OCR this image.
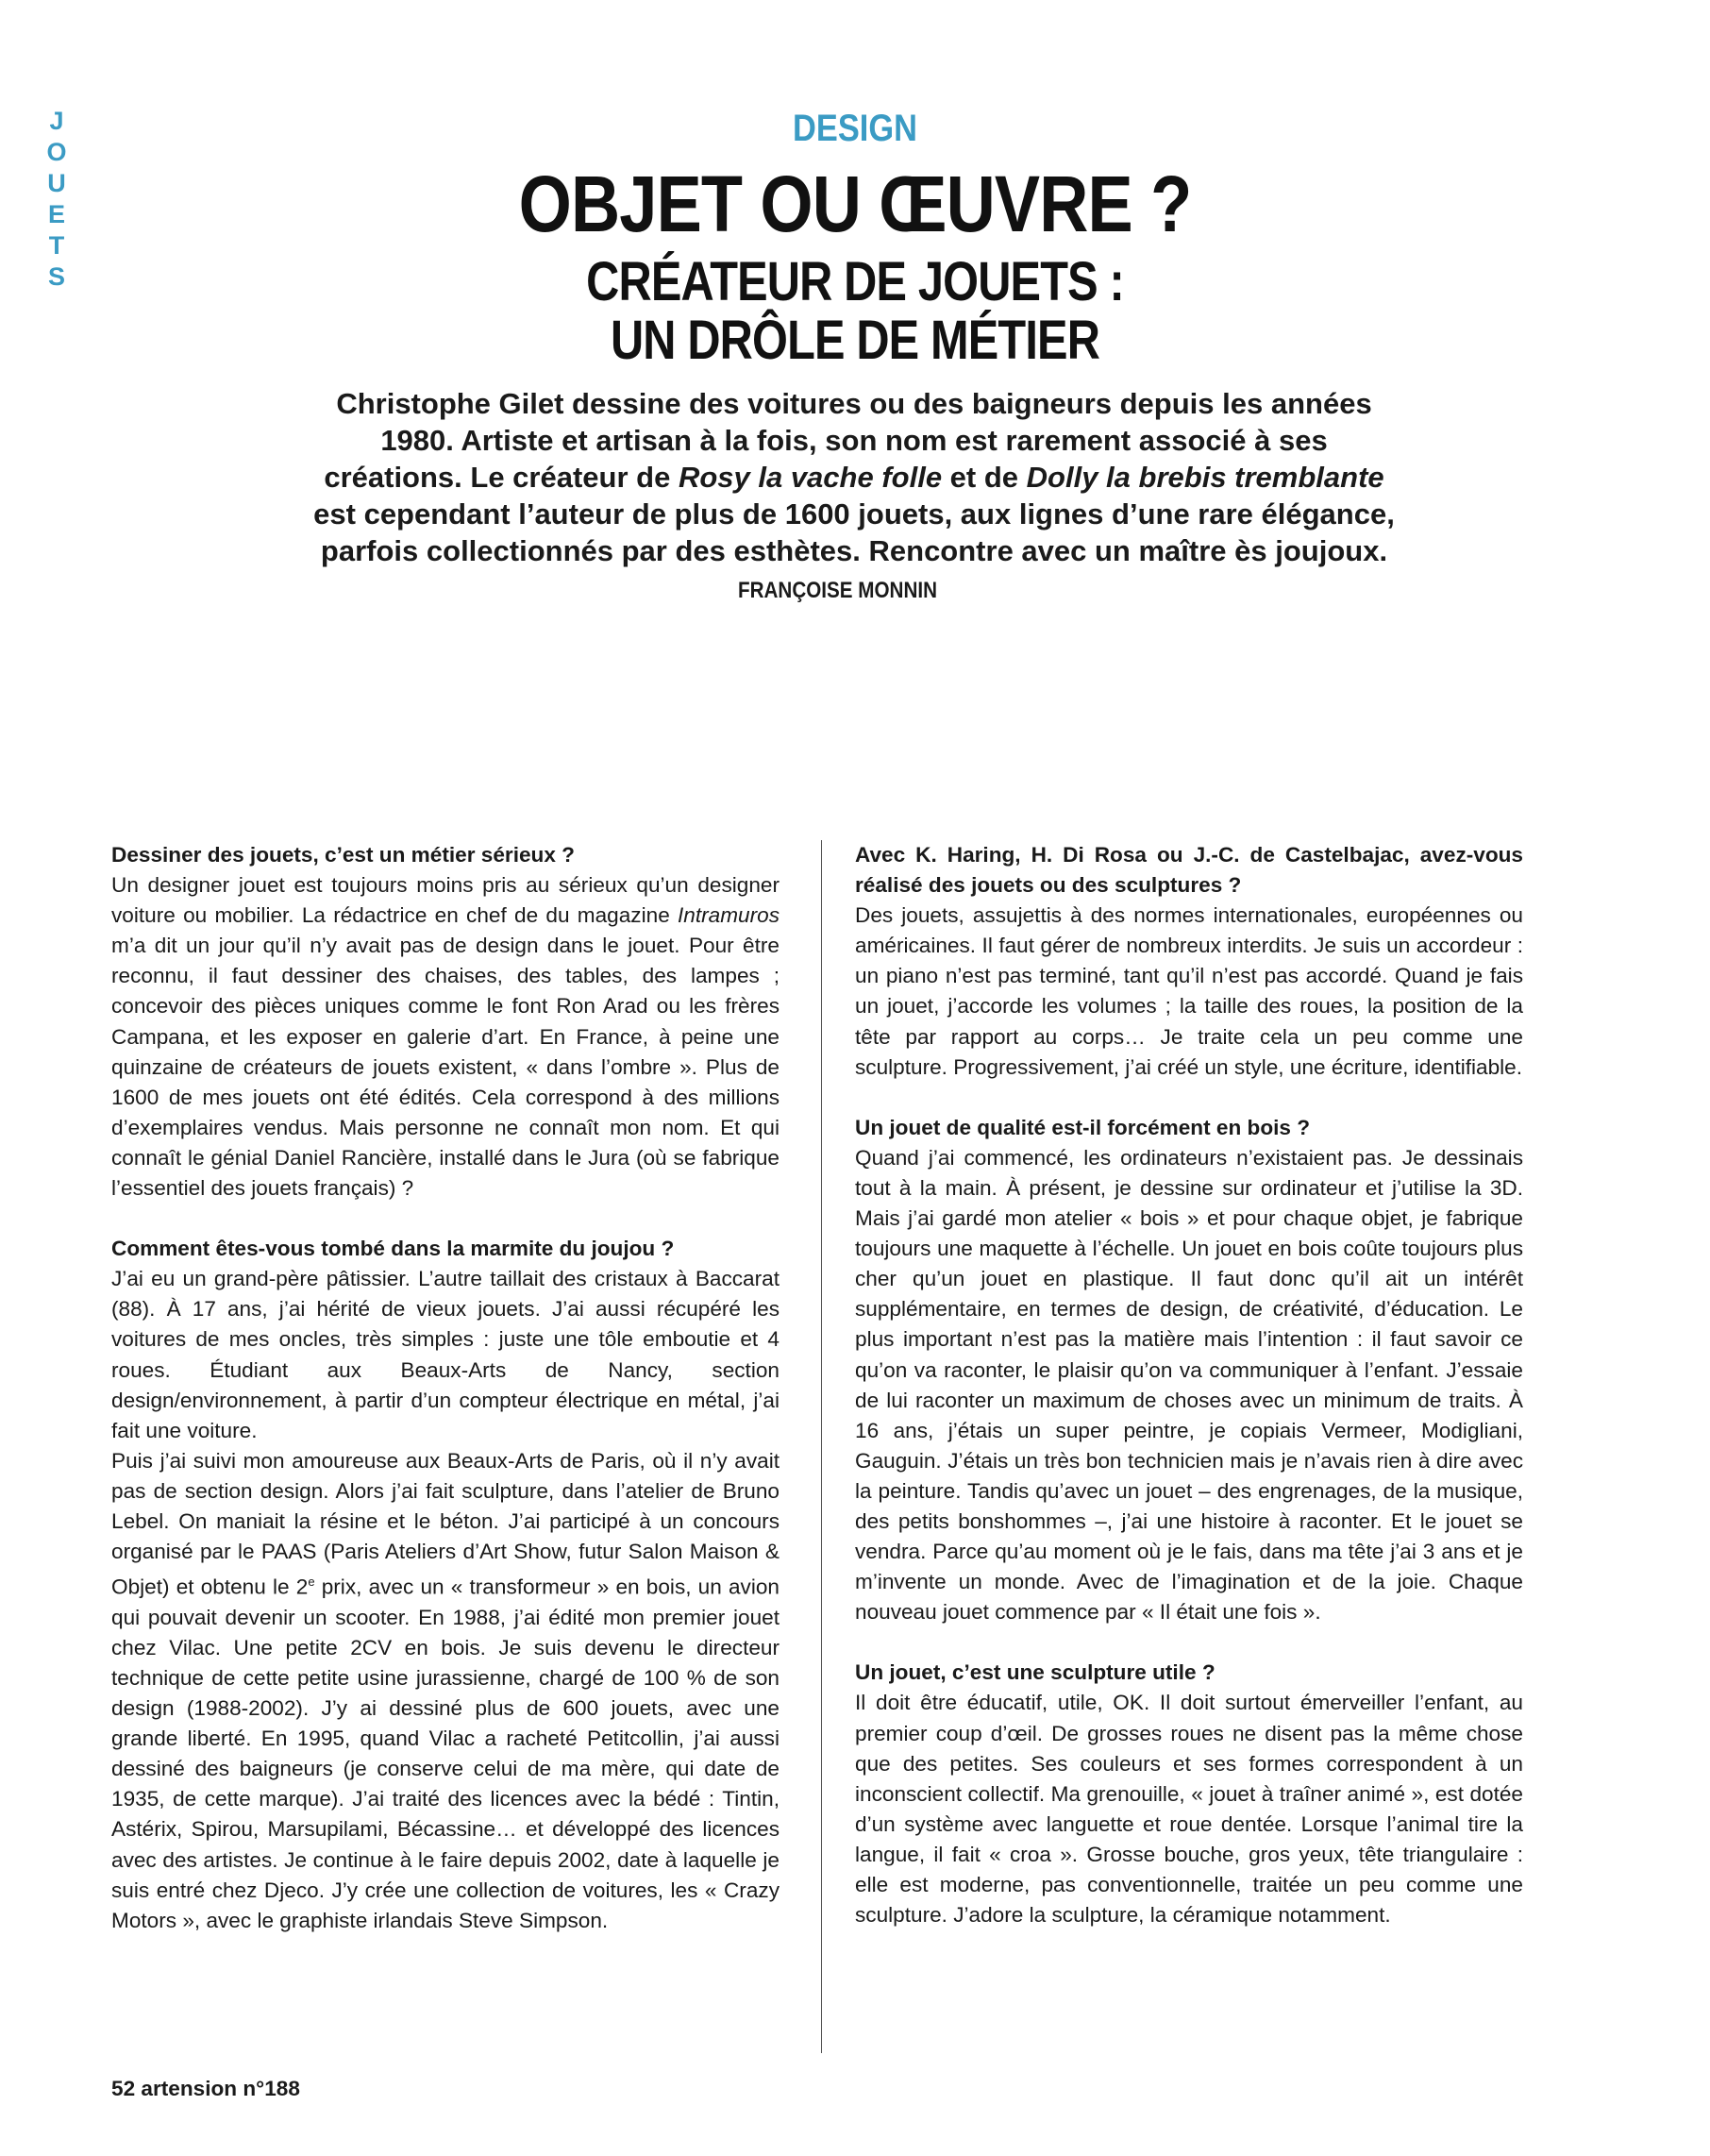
J
O
U
E
T
S
DESIGN
OBJET OU ŒUVRE ?
CRÉATEUR DE JOUETS :
UN DRÔLE DE MÉTIER
Christophe Gilet dessine des voitures ou des baigneurs depuis les années 1980. Artiste et artisan à la fois, son nom est rarement associé à ses créations. Le créateur de Rosy la vache folle et de Dolly la brebis tremblante est cependant l’auteur de plus de 1600 jouets, aux lignes d’une rare élégance, parfois collectionnés par des esthètes. Rencontre avec un maître ès joujoux. FRANÇOISE MONNIN
Dessiner des jouets, c’est un métier sérieux ?

Un designer jouet est toujours moins pris au sérieux qu’un designer voiture ou mobilier. La rédactrice en chef de du magazine Intramuros m’a dit un jour qu’il n’y avait pas de design dans le jouet. Pour être reconnu, il faut dessiner des chaises, des tables, des lampes ; concevoir des pièces uniques comme le font Ron Arad ou les frères Campana, et les exposer en galerie d’art. En France, à peine une quinzaine de créateurs de jouets existent, « dans l’ombre ». Plus de 1600 de mes jouets ont été édités. Cela correspond à des millions d’exemplaires vendus. Mais personne ne connaît mon nom. Et qui connaît le génial Daniel Rancière, installé dans le Jura (où se fabrique l’essentiel des jouets français) ?

Comment êtes-vous tombé dans la marmite du joujou ?

J’ai eu un grand-père pâtissier. L’autre taillait des cristaux à Baccarat (88). À 17 ans, j’ai hérité de vieux jouets. J’ai aussi récupéré les voitures de mes oncles, très simples : juste une tôle emboutie et 4 roues. Étudiant aux Beaux-Arts de Nancy, section design/environnement, à partir d’un compteur électrique en métal, j’ai fait une voiture.

Puis j’ai suivi mon amoureuse aux Beaux-Arts de Paris, où il n’y avait pas de section design. Alors j’ai fait sculpture, dans l’atelier de Bruno Lebel. On maniait la résine et le béton. J’ai participé à un concours organisé par le PAAS (Paris Ateliers d’Art Show, futur Salon Maison & Objet) et obtenu le 2e prix, avec un « transformeur » en bois, un avion qui pouvait devenir un scooter. En 1988, j’ai édité mon premier jouet chez Vilac. Une petite 2CV en bois. Je suis devenu le directeur technique de cette petite usine jurassienne, chargé de 100 % de son design (1988-2002). J’y ai dessiné plus de 600 jouets, avec une grande liberté. En 1995, quand Vilac a racheté Petitcollin, j’ai aussi dessiné des baigneurs (je conserve celui de ma mère, qui date de 1935, de cette marque). J’ai traité des licences avec la bédé : Tintin, Astérix, Spirou, Marsupilami, Bécassine… et développé des licences avec des artistes. Je continue à le faire depuis 2002, date à laquelle je suis entré chez Djeco. J’y crée une collection de voitures, les « Crazy Motors », avec le graphiste irlandais Steve Simpson.

Avec K. Haring, H. Di Rosa ou J.-C. de Castelbajac, avez-vous réalisé des jouets ou des sculptures ?

Des jouets, assujettis à des normes internationales, européennes ou américaines. Il faut gérer de nombreux interdits. Je suis un accordeur : un piano n’est pas terminé, tant qu’il n’est pas accordé. Quand je fais un jouet, j’accorde les volumes ; la taille des roues, la position de la tête par rapport au corps… Je traite cela un peu comme une sculpture. Progressivement, j’ai créé un style, une écriture, identifiable.

Un jouet de qualité est-il forcément en bois ?

Quand j’ai commencé, les ordinateurs n’existaient pas. Je dessinais tout à la main. À présent, je dessine sur ordinateur et j’utilise la 3D. Mais j’ai gardé mon atelier « bois » et pour chaque objet, je fabrique toujours une maquette à l’échelle. Un jouet en bois coûte toujours plus cher qu’un jouet en plastique. Il faut donc qu’il ait un intérêt supplémentaire, en termes de design, de créativité, d’éducation. Le plus important n’est pas la matière mais l’intention : il faut savoir ce qu’on va raconter, le plaisir qu’on va communiquer à l’enfant. J’essaie de lui raconter un maximum de choses avec un minimum de traits. À 16 ans, j’étais un super peintre, je copiais Vermeer, Modigliani, Gauguin. J’étais un très bon technicien mais je n’avais rien à dire avec la peinture. Tandis qu’avec un jouet – des engrenages, de la musique, des petits bonshommes –, j’ai une histoire à raconter. Et le jouet se vendra. Parce qu’au moment où je le fais, dans ma tête j’ai 3 ans et je m’invente un monde. Avec de l’imagination et de la joie. Chaque nouveau jouet commence par « Il était une fois ».

Un jouet, c’est une sculpture utile ?

Il doit être éducatif, utile, OK. Il doit surtout émerveiller l’enfant, au premier coup d’œil. De grosses roues ne disent pas la même chose que des petites. Ses couleurs et ses formes correspondent à un inconscient collectif. Ma grenouille, « jouet à traîner animé », est dotée d’un système avec languette et roue dentée. Lorsque l’animal tire la langue, il fait « croa ». Grosse bouche, gros yeux, tête triangulaire : elle est moderne, pas conventionnelle, traitée un peu comme une sculpture. J’adore la sculpture, la céramique notamment.

52 artension n°188
